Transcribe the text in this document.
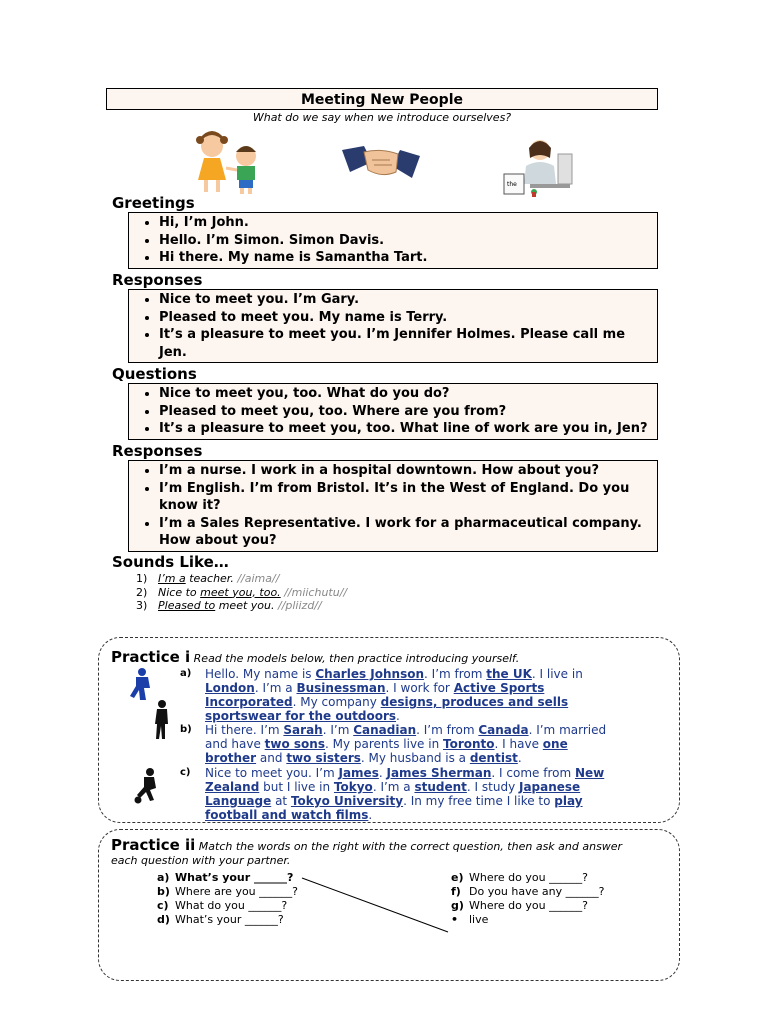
Meeting New People
What do we say when we introduce ourselves?
the
Greetings
• Hi, I’m John.
• Hello. I’m Simon. Simon Davis.
• Hi there. My name is Samantha Tart.
Responses
• Nice to meet you. I’m Gary.
• Pleased to meet you. My name is Terry.
• It’s a pleasure to meet you. I’m Jennifer Holmes. Please call me Jen.
Questions
• Nice to meet you, too. What do you do?
• Pleased to meet you, too. Where are you from?
• It’s a pleasure to meet you, too. What line of work are you in, Jen?
Responses
• I’m a nurse. I work in a hospital downtown. How about you?
• I’m English. I’m from Bristol. It’s in the West of England. Do you know it?
• I’m a Sales Representative. I work for a pharmaceutical company. How about you?
Sounds Like…
1) I’m a teacher. //aima//
2) Nice to meet you, too. //miichutu//
3) Pleased to meet you. //pliizd//
Practice i Read the models below, then practice introducing yourself.
a) Hello. My name is Charles Johnson. I’m from the UK. I live in London. I’m a Businessman. I work for Active Sports Incorporated. My company designs, produces and sells sportswear for the outdoors.
b) Hi there. I’m Sarah. I’m Canadian. I’m from Canada. I’m married and have two sons. My parents live in Toronto. I have one brother and two sisters. My husband is a dentist.
c) Nice to meet you. I’m James. James Sherman. I come from New Zealand but I live in Tokyo. I’m a student. I study Japanese Language at Tokyo University. In my free time I like to play football and watch films.
Practice ii Match the words on the right with the correct question, then ask and answer each question with your partner.
a) What’s your ______?
b) Where are you ______?
c) What do you ______?
d) What’s your ______?
e) Where do you ______?
f) Do you have any ______?
g) Where do you ______?
• live
